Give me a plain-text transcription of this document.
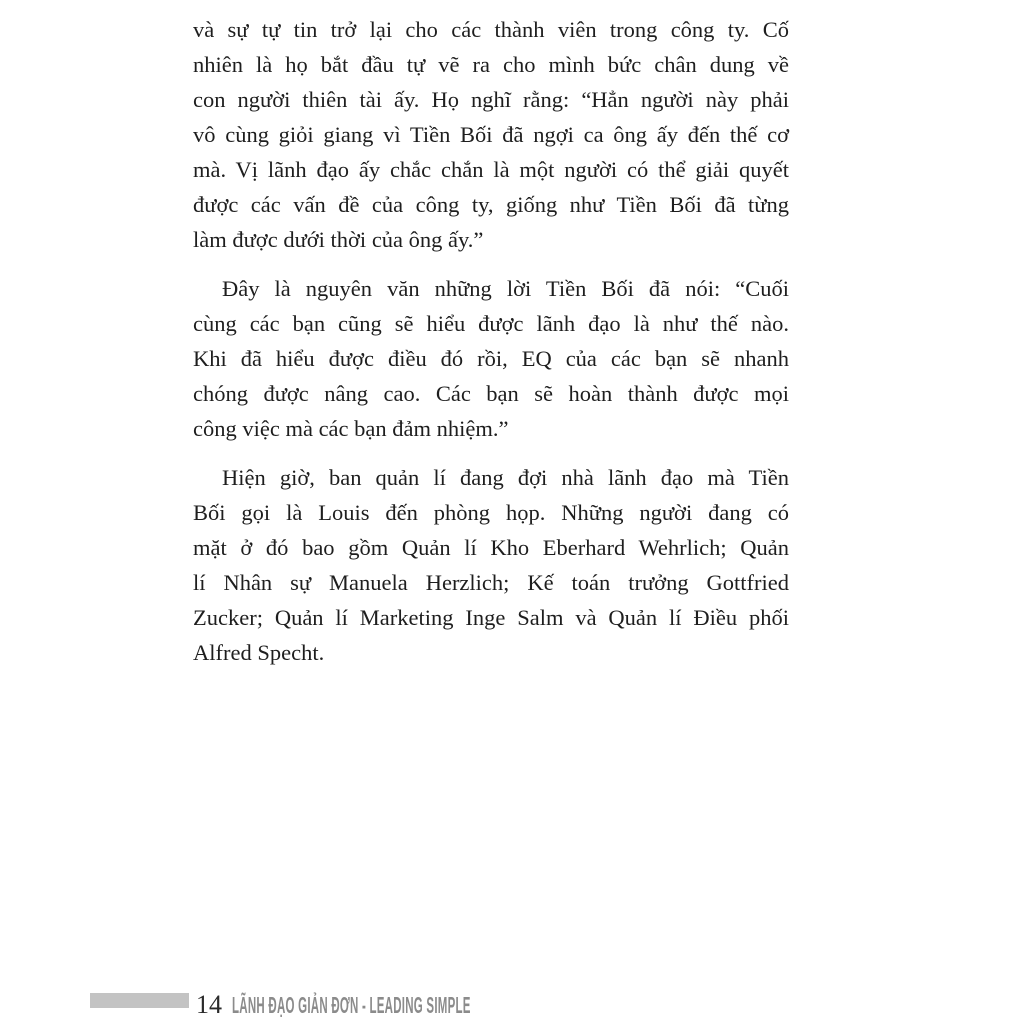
và sự tự tin trở lại cho các thành viên trong công ty. Cố
nhiên là họ bắt đầu tự vẽ ra cho mình bức chân dung về
con người thiên tài ấy. Họ nghĩ rằng: “Hẳn người này phải
vô cùng giỏi giang vì Tiền Bối đã ngợi ca ông ấy đến thế cơ
mà. Vị lãnh đạo ấy chắc chắn là một người có thể giải quyết
được các vấn đề của công ty, giống như Tiền Bối đã từng
làm được dưới thời của ông ấy.”
Đây là nguyên văn những lời Tiền Bối đã nói: “Cuối
cùng các bạn cũng sẽ hiểu được lãnh đạo là như thế nào.
Khi đã hiểu được điều đó rồi, EQ của các bạn sẽ nhanh
chóng được nâng cao. Các bạn sẽ hoàn thành được mọi
công việc mà các bạn đảm nhiệm.”
Hiện giờ, ban quản lí đang đợi nhà lãnh đạo mà Tiền
Bối gọi là Louis đến phòng họp. Những người đang có
mặt ở đó bao gồm Quản lí Kho Eberhard Wehrlich; Quản
lí Nhân sự Manuela Herzlich; Kế toán trưởng Gottfried
Zucker; Quản lí Marketing Inge Salm và Quản lí Điều phối
Alfred Specht.
14 LÃNH ĐẠO GIẢN ĐƠN - LEADING SIMPLE
